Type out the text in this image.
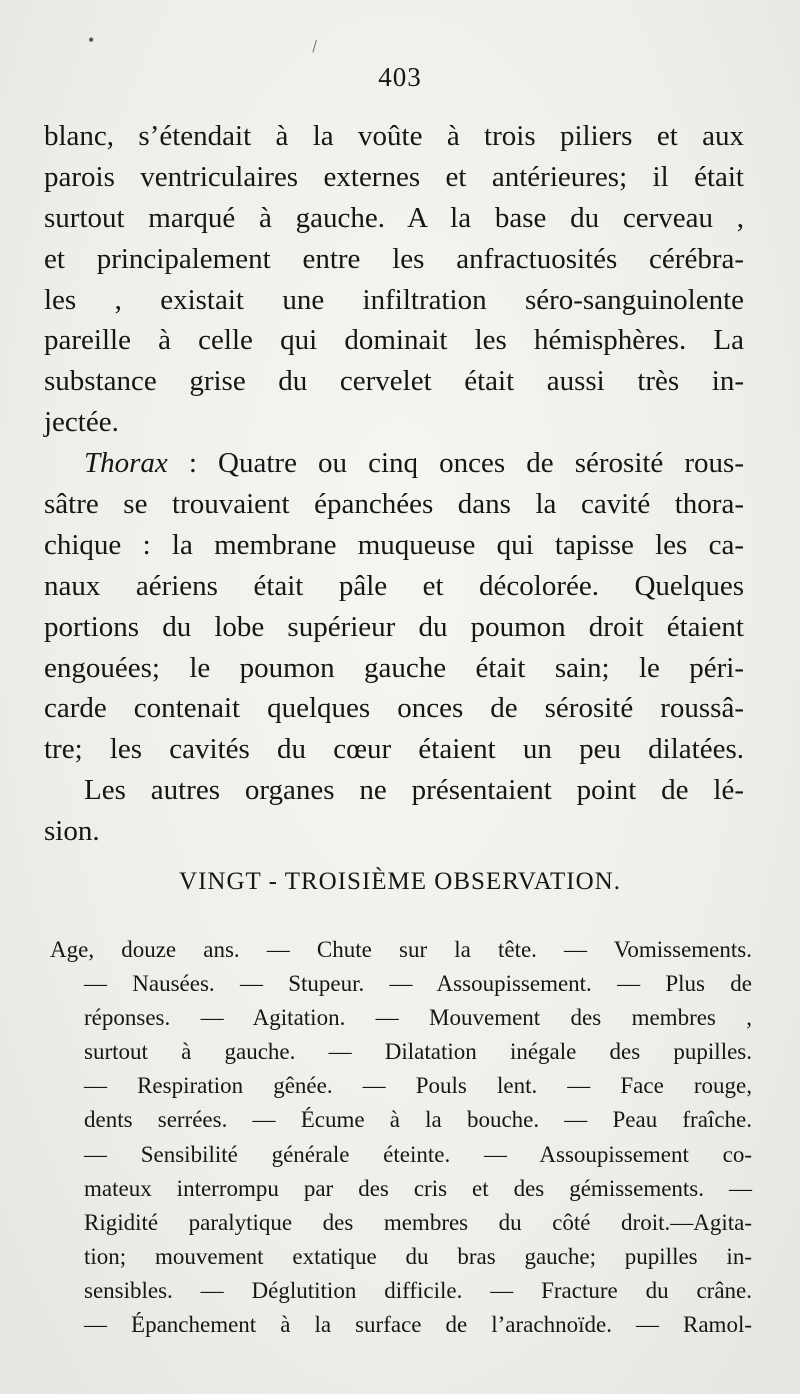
•	\
403
blanc, s’étendait à la voûte à trois piliers et aux
parois ventriculaires externes et antérieures; il était
surtout marqué à gauche. A la base du cerveau ,
et principalement entre les anfractuosités cérébra-
les , existait une infiltration séro-sanguinolente
pareille à celle qui dominait les hémisphères. La
substance grise du cervelet était aussi très in-
jectée.
Thorax : Quatre ou cinq onces de sérosité rous-
sâtre se trouvaient épanchées dans la cavité thora-
chique : la membrane muqueuse qui tapisse les ca-
naux aériens était pâle et décolorée. Quelques
portions du lobe supérieur du poumon droit étaient
engouées; le poumon gauche était sain; le péri-
carde contenait quelques onces de sérosité roussâ-
tre; les cavités du cœur étaient un peu dilatées.
Les autres organes ne présentaient point de lé-
sion.
VINGT - TROISIÈME OBSERVATION.
Age, douze ans. — Chute sur la tête. — Vomissements.
— Nausées. — Stupeur. — Assoupissement. — Plus de
réponses. — Agitation. — Mouvement des membres ,
surtout à gauche. — Dilatation inégale des pupilles.
— Respiration gênée. — Pouls lent. — Face rouge,
dents serrées. — Écume à la bouche. — Peau fraîche.
— Sensibilité générale éteinte. — Assoupissement co-
mateux interrompu par des cris et des gémissements. —
Rigidité paralytique des membres du côté droit.—Agita-
tion; mouvement extatique du bras gauche; pupilles in-
sensibles. — Déglutition difficile. — Fracture du crâne.
— Épanchement à la surface de l’arachnoïde. — Ramol-
